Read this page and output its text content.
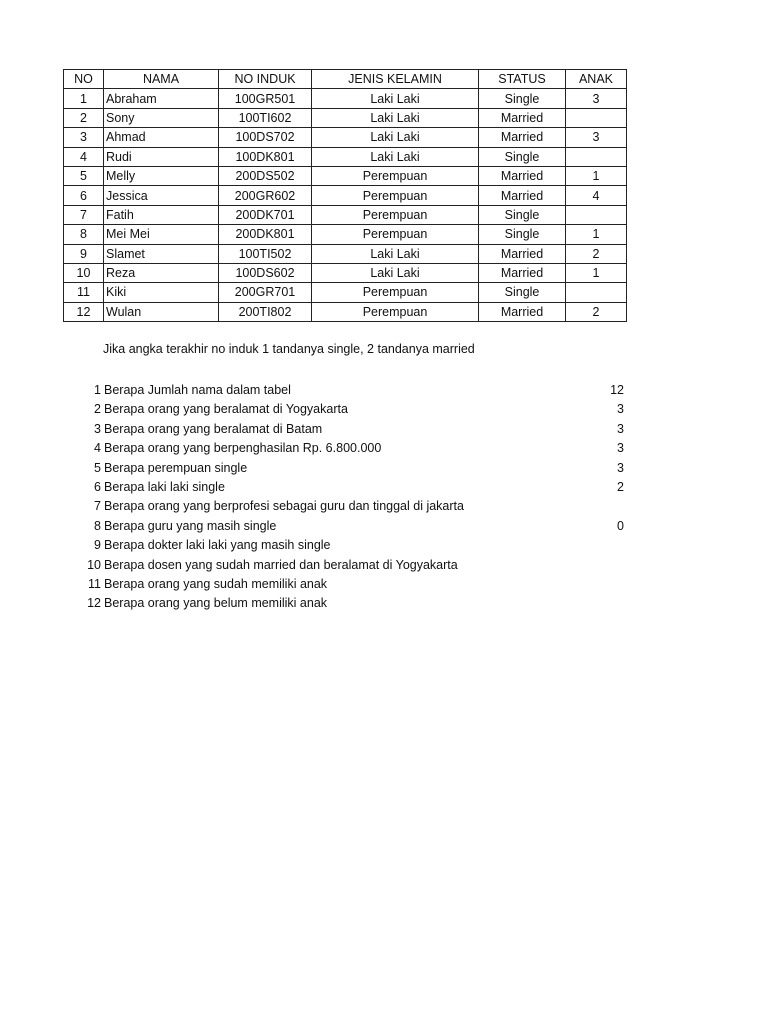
NO	NAMA	NO INDUK	JENIS KELAMIN	STATUS	ANAK
1	Abraham	100GR501	Laki Laki	Single	3
2	Sony	100TI602	Laki Laki	Married	
3	Ahmad	100DS702	Laki Laki	Married	3
4	Rudi	100DK801	Laki Laki	Single	
5	Melly	200DS502	Perempuan	Married	1
6	Jessica	200GR602	Perempuan	Married	4
7	Fatih	200DK701	Perempuan	Single	
8	Mei Mei	200DK801	Perempuan	Single	1
9	Slamet	100TI502	Laki Laki	Married	2
10	Reza	100DS602	Laki Laki	Married	1
11	Kiki	200GR701	Perempuan	Single	
12	Wulan	200TI802	Perempuan	Married	2
Jika angka terakhir no induk 1 tandanya single, 2 tandanya married
1 Berapa Jumlah nama dalam tabel	12
2 Berapa orang yang beralamat di Yogyakarta	3
3 Berapa orang yang beralamat di Batam	3
4 Berapa orang yang berpenghasilan Rp. 6.800.000	3
5 Berapa perempuan single	3
6 Berapa laki laki single	2
7 Berapa orang yang berprofesi sebagai guru dan tinggal di jakarta
8 Berapa guru yang masih single	0
9 Berapa dokter laki laki yang masih single
10 Berapa dosen yang sudah married dan beralamat di Yogyakarta
11 Berapa orang yang sudah memiliki anak
12 Berapa orang yang belum memiliki anak
